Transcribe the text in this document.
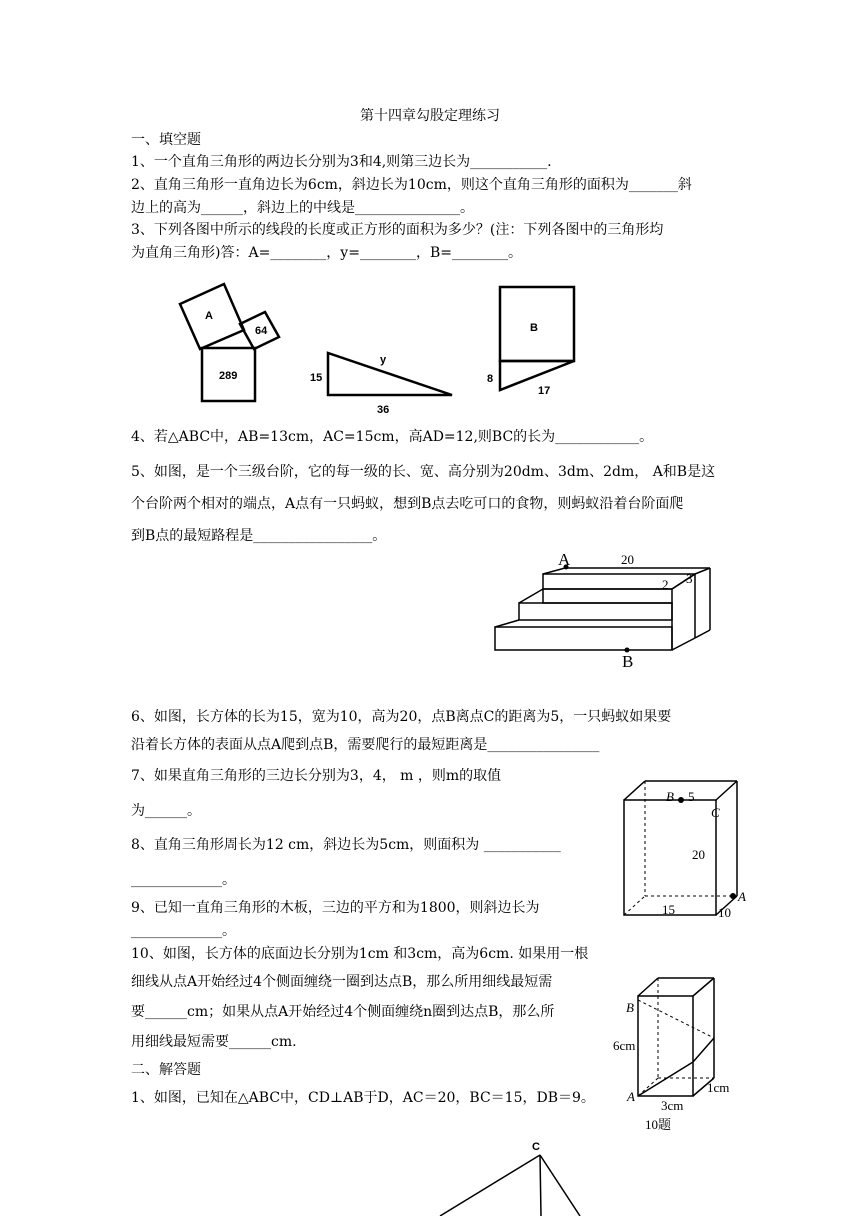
第十四章勾股定理练习
一、填空题
1、一个直角三角形的两边长分别为3和4,则第三边长为___________.
2、直角三角形一直角边长为6cm，斜边长为10cm，则这个直角三角形的面积为_______斜
边上的高为______，斜边上的中线是_______________。
3、下列各图中所示的线段的长度或正方形的面积为多少？(注：下列各图中的三角形均
为直角三角形)答：A=________，y=________，B=________。
A
64
289	15
y
36
B
8
17
4、若△ABC中，AB=13cm，AC=15cm，高AD=12,则BC的长为____________。
5、如图，是一个三级台阶，它的每一级的长、宽、高分别为20dm、3dm、2dm， A和B是这
个台阶两个相对的端点，A点有一只蚂蚁，想到B点去吃可口的食物，则蚂蚁沿着台阶面爬
到B点的最短路程是_________________。
A	20
2 3
B
6、如图，长方体的长为15，宽为10，高为20，点B离点C的距离为5，一只蚂蚁如果要
沿着长方体的表面从点A爬到点B，需要爬行的最短距离是________________
7、如果直角三角形的三边长分别为3，4， m ，则m的取值
为______。
8、直角三角形周长为12 cm，斜边长为5cm，则面积为 ___________
_____________。
9、已知一直角三角形的木板，三边的平方和为1800，则斜边长为
_____________。
B 5
C
20
A
15	10
10、如图，长方体的底面边长分别为1cm 和3cm，高为6cm. 如果用一根
细线从点A开始经过4个侧面缠绕一圈到达点B，那么所用细线最短需
要______cm；如果从点A开始经过4个侧面缠绕n圈到达点B，那么所
用细线最短需要______cm.
二、解答题
1、如图，已知在△ABC中，CD⊥AB于D，AC＝20，BC＝15，DB＝9。
B
6cm
A
1cm
3cm
10题
C
